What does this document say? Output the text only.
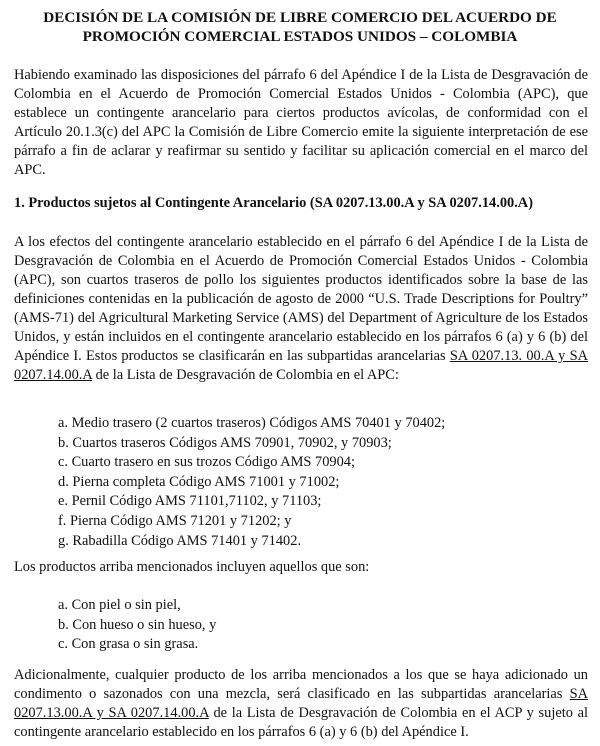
DECISIÓN DE LA COMISIÓN DE LIBRE COMERCIO DEL ACUERDO DE
PROMOCIÓN COMERCIAL ESTADOS UNIDOS – COLOMBIA

Habiendo examinado las disposiciones del párrafo 6 del Apéndice I de la Lista de Desgravación de Colombia en el Acuerdo de Promoción Comercial Estados Unidos - Colombia (APC), que establece un contingente arancelario para ciertos productos avícolas, de conformidad con el Artículo 20.1.3(c) del APC la Comisión de Libre Comercio emite la siguiente interpretación de ese párrafo a fin de aclarar y reafirmar su sentido y facilitar su aplicación comercial en el marco del APC.

1. Productos sujetos al Contingente Arancelario (SA 0207.13.00.A y SA 0207.14.00.A)

A los efectos del contingente arancelario establecido en el párrafo 6 del Apéndice I de la Lista de Desgravación de Colombia en el Acuerdo de Promoción Comercial Estados Unidos - Colombia (APC), son cuartos traseros de pollo los siguientes productos identificados sobre la base de las definiciones contenidas en la publicación de agosto de 2000 “U.S. Trade Descriptions for Poultry” (AMS-71) del Agricultural Marketing Service (AMS) del Department of Agriculture de los Estados Unidos, y están incluidos en el contingente arancelario establecido en los párrafos 6 (a) y 6 (b) del Apéndice I. Estos productos se clasificarán en las subpartidas arancelarias SA 0207.13. 00.A y SA 0207.14.00.A de la Lista de Desgravación de Colombia en el APC:

a. Medio trasero (2 cuartos traseros) Códigos AMS 70401 y 70402;
b. Cuartos traseros Códigos AMS 70901, 70902, y 70903;
c. Cuarto trasero en sus trozos Código AMS 70904;
d. Pierna completa Código AMS 71001 y 71002;
e. Pernil Código AMS 71101,71102, y 71103;
f. Pierna Código AMS 71201 y 71202; y
g. Rabadilla Código AMS 71401 y 71402.

Los productos arriba mencionados incluyen aquellos que son:

a. Con piel o sin piel,
b. Con hueso o sin hueso, y
c. Con grasa o sin grasa.

Adicionalmente, cualquier producto de los arriba mencionados a los que se haya adicionado un condimento o sazonados con una mezcla, será clasificado en las subpartidas arancelarias SA 0207.13.00.A y SA 0207.14.00.A de la Lista de Desgravación de Colombia en el ACP y sujeto al contingente arancelario establecido en los párrafos 6 (a) y 6 (b) del Apéndice I.
